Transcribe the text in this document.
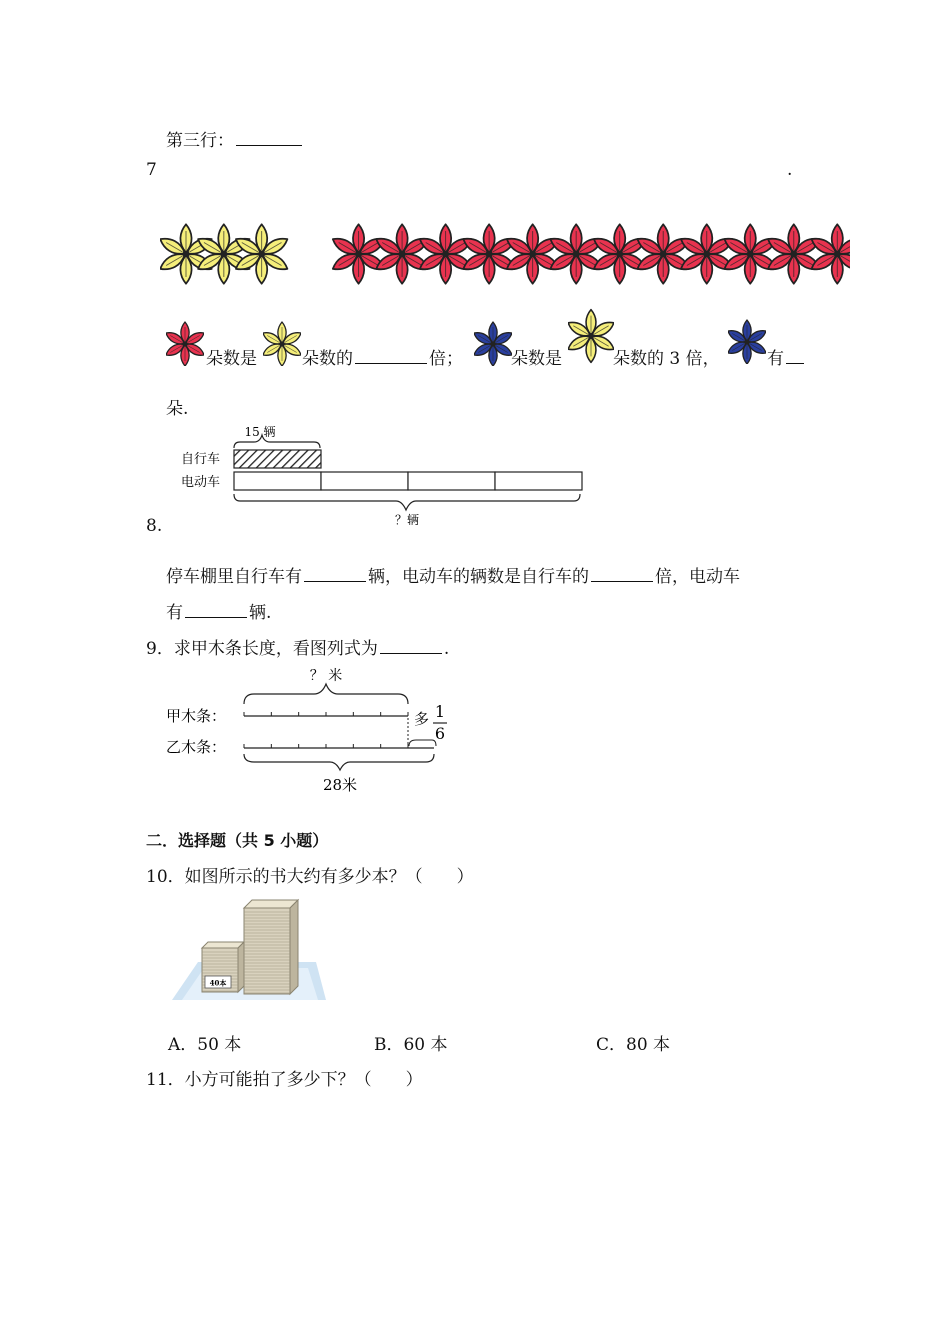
第三行：
7	.
朵数是	朵数的	倍；	朵数是	朵数的 3 倍，	有
朵.
15 辆
自行车
电动车
？辆
8.
停车棚里自行车有	辆，电动车的辆数是自行车的	倍，电动车
有	辆.
9．求甲木条长度，看图列式为	.
？ 米
甲木条：	多 1
6
乙木条：
28米
二．选择题（共 5 小题）
10．如图所示的书大约有多少本？（　　）
40本
A．50 本	B．60 本	C．80 本
11．小方可能拍了多少下？（　　）
